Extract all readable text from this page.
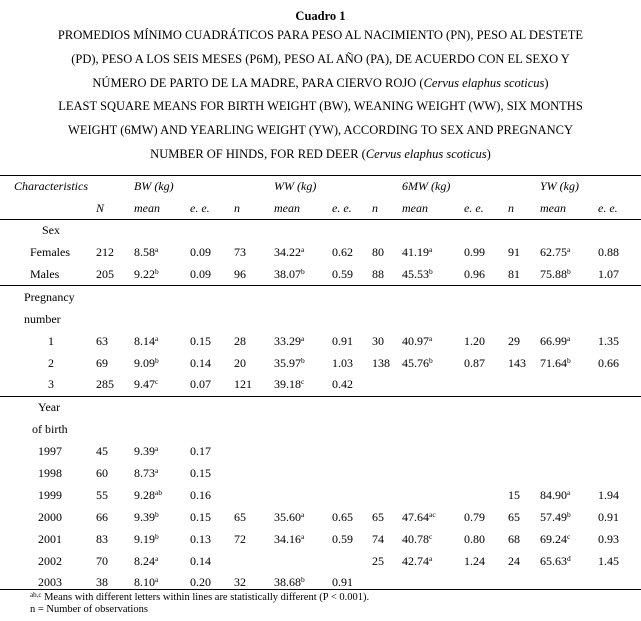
Cuadro 1
PROMEDIOS MÍNIMO CUADRÁTICOS PARA PESO AL NACIMIENTO (PN), PESO AL DESTETE
(PD), PESO A LOS SEIS MESES (P6M), PESO AL AÑO (PA), DE ACUERDO CON EL SEXO Y
NÚMERO DE PARTO DE LA MADRE, PARA CIERVO ROJO (Cervus elaphus scoticus)
LEAST SQUARE MEANS FOR BIRTH WEIGHT (BW), WEANING WEIGHT (WW), SIX MONTHS
WEIGHT (6MW) AND YEARLING WEIGHT (YW), ACCORDING TO SEX AND PREGNANCY
NUMBER OF HINDS, FOR RED DEER (Cervus elaphus scoticus)
Characteristics		BW (kg)			WW (kg)			6MW (kg)			YW (kg)	
	N	mean	e. e.	n	mean	e. e.	n	mean	e. e.	n	mean	e. e.
Sex												
Females	212	8.58$^a$	0.09	73	34.22$^a$	0.62	80	41.19$^a$	0.99	91	62.75$^a$	0.88
Males	205	9.22$^b$	0.09	96	38.07$^b$	0.59	88	45.53$^b$	0.96	81	75.88$^b$	1.07
Pregnancy												
number												
1	63	8.14$^a$	0.15	28	33.29$^a$	0.91	30	40.97$^a$	1.20	29	66.99$^a$	1.35
2	69	9.09$^b$	0.14	20	35.97$^b$	1.03	138	45.76$^b$	0.87	143	71.64$^b$	0.66
3	285	9.47$^c$	0.07	121	39.18$^c$	0.42						
Year												
of birth												
1997	45	9.39$^a$	0.17									
1998	60	8.73$^a$	0.15									
1999	55	9.28$^{ab}$	0.16							15	84.90$^a$	1.94
2000	66	9.39$^b$	0.15	65	35.60$^a$	0.65	65	47.64$^{ac}$	0.79	65	57.49$^b$	0.91
2001	83	9.19$^b$	0.13	72	34.16$^a$	0.59	74	40.78$^c$	0.80	68	69.24$^c$	0.93
2002	70	8.24$^a$	0.14				25	42.74$^a$	1.24	24	65.63$^d$	1.45
2003	38	8.10$^a$	0.20	32	38.68$^b$	0.91						
$^{ab,c}$ Means with different letters within lines are statistically different (P < 0.001).
n = Number of observations
